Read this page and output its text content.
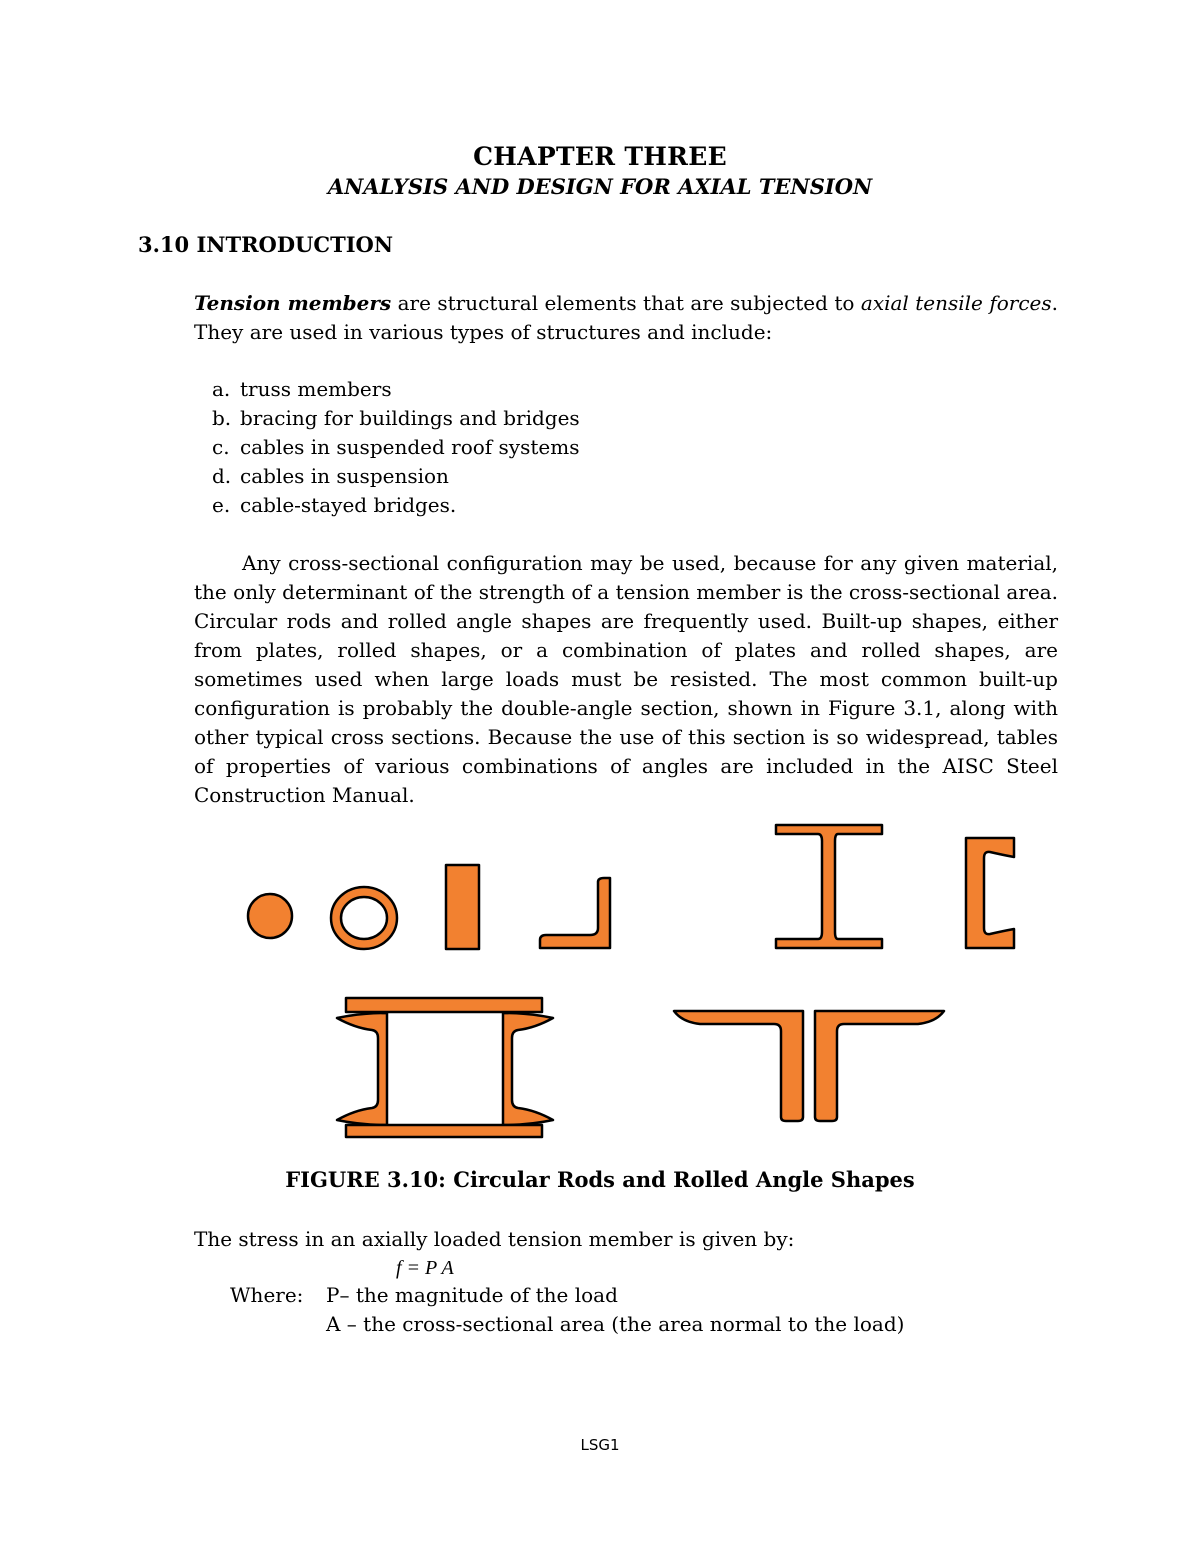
CHAPTER THREE
ANALYSIS AND DESIGN FOR AXIAL TENSION
3.10 INTRODUCTION
Tension members are structural elements that are subjected to axial tensile forces. They are used in various types of structures and include:
a. truss members
b. bracing for buildings and bridges
c. cables in suspended roof systems
d. cables in suspension
e. cable-stayed bridges.
Any cross-sectional configuration may be used, because for any given material, the only determinant of the strength of a tension member is the cross-sectional area. Circular rods and rolled angle shapes are frequently used. Built-up shapes, either from plates, rolled shapes, or a combination of plates and rolled shapes, are sometimes used when large loads must be resisted. The most common built-up configuration is probably the double-angle section, shown in Figure 3.1, along with other typical cross sections. Because the use of this section is so widespread, tables of properties of various combinations of angles are included in the AISC Steel Construction Manual.
FIGURE 3.10: Circular Rods and Rolled Angle Shapes
The stress in an axially loaded tension member is given by:
f = P A
Where: P– the magnitude of the load
A – the cross-sectional area (the area normal to the load)
LSG1
